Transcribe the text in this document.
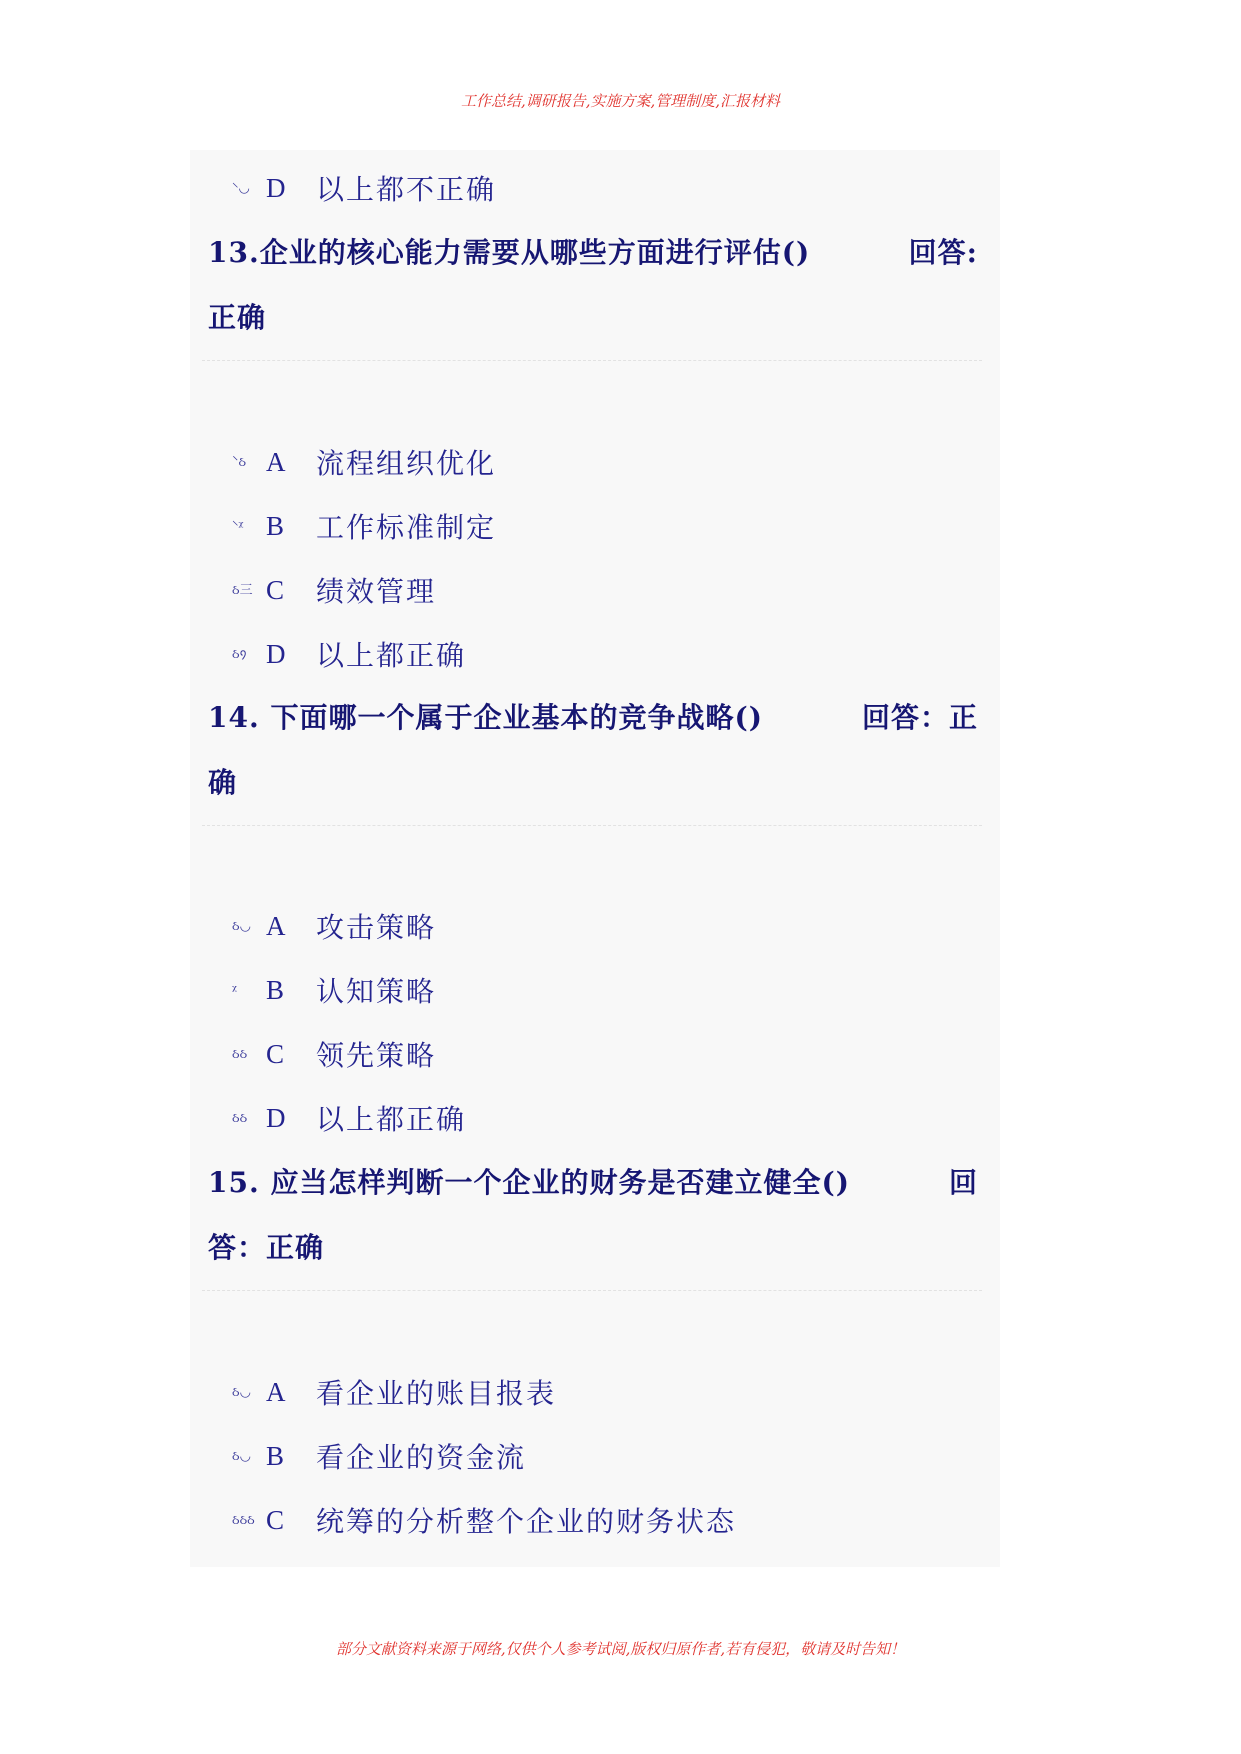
工作总结,调研报告,实施方案,管理制度,汇报材料
⸌◡ D	以上都不正确
回答:
13.企业的核心能力需要从哪些方面进行评估()
正确
⸌ઠ A	流程组织优化
⸌ᵡ B	工作标准制定
ઠ三 C	绩效管理
ઠ᠀ D	以上都正确
回答：正
14. 下面哪一个属于企业基本的竞争战略()
确
ઠ◡ A	攻击策略
ᵡ	B	认知策略
ઠઠ C	领先策略
ઠઠ D	以上都正确
回
15. 应当怎样判断一个企业的财务是否建立健全()
答：正确
ઠ◡ A	看企业的账目报表
ઠ◡ B	看企业的资金流
ઠઠઠ C	统筹的分析整个企业的财务状态
部分文献资料来源于网络,仅供个人参考试阅,版权归原作者,若有侵犯，敬请及时告知！
